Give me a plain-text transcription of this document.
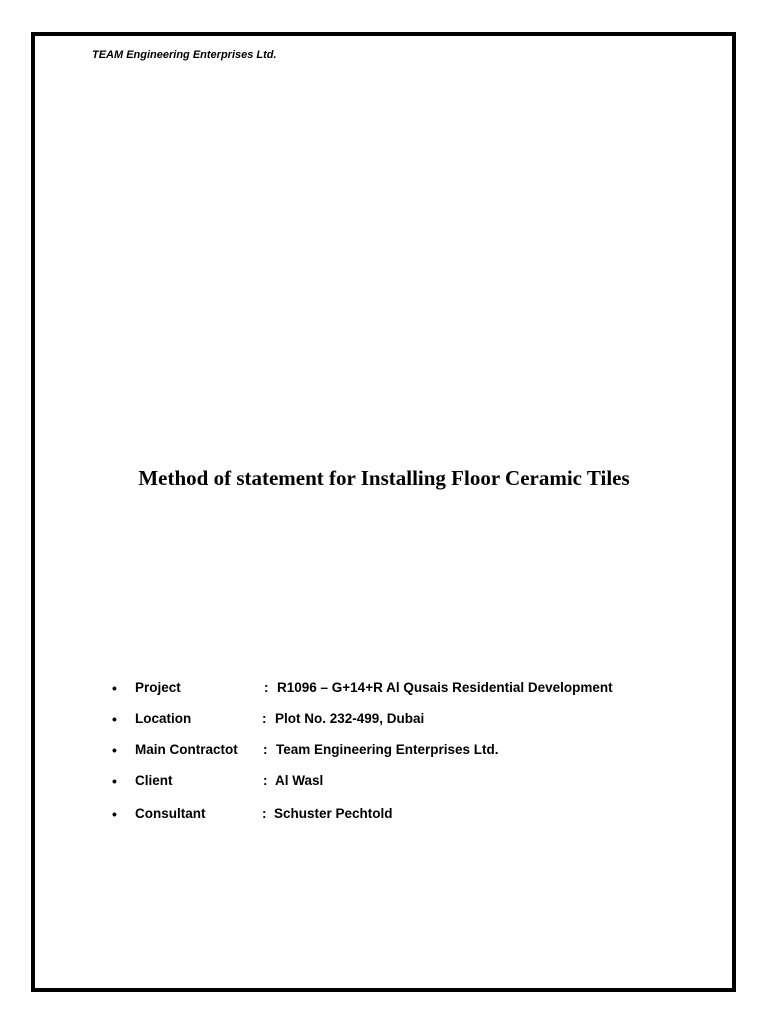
TEAM Engineering Enterprises Ltd.
Method of statement for Installing Floor Ceramic Tiles
• Project	: R1096 – G+14+R Al Qusais Residential Development
• Location	: Plot No. 232-499, Dubai
• Main Contractot : Team Engineering Enterprises Ltd.
• Client	: Al Wasl
• Consultant	: Schuster Pechtold
